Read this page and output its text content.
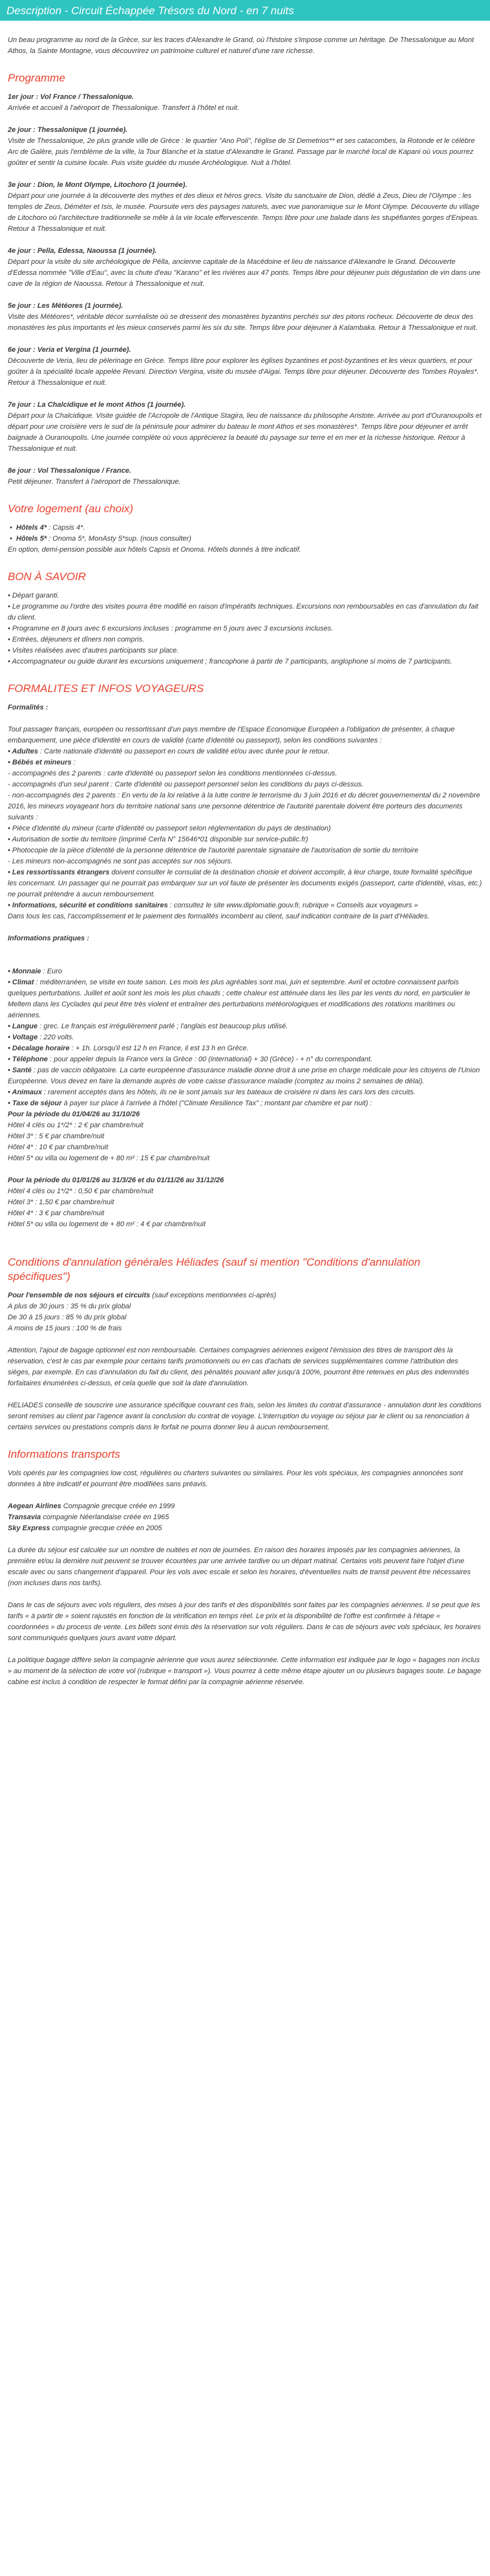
Description - Circuit Échappée Trésors du Nord - en 7 nuits

Un beau programme au nord de la Grèce, sur les traces d'Alexandre le Grand, où l'histoire s'impose comme un héritage. De Thessalonique au Mont Athos, la Sainte Montagne, vous découvrirez un patrimoine culturel et naturel d'une rare richesse.

Programme
1er jour : Vol France / Thessalonique.
Arrivée et accueil à l'aéroport de Thessalonique. Transfert à l'hôtel et nuit.
2e jour : Thessalonique (1 journée).
Visite de Thessalonique, 2e plus grande ville de Grèce : le quartier "Ano Poli", l'église de St Demetrios** et ses catacombes, la Rotonde et le célèbre Arc de Galère, puis l'emblème de la ville, la Tour Blanche et la statue d'Alexandre le Grand. Passage par le marché local de Kapani où vous pourrez goûter et sentir la cuisine locale. Puis visite guidée du musée Archéologique. Nuit à l'hôtel.
3e jour : Dion, le Mont Olympe, Litochoro (1 journée).
Départ pour une journée à la découverte des mythes et des dieux et héros grecs. Visite du sanctuaire de Dion, dédié à Zeus, Dieu de l'Olympe : les temples de Zeus, Déméter et Isis, le musée. Poursuite vers des paysages naturels, avec vue panoramique sur le Mont Olympe. Découverte du village de Litochoro où l'architecture traditionnelle se mêle à la vie locale effervescente. Temps libre pour une balade dans les stupéfiantes gorges d'Enipeas. Retour à Thessalonique et nuit.
4e jour : Pella, Edessa, Naoussa (1 journée).
Départ pour la visite du site archéologique de Pélla, ancienne capitale de la Macédoine et lieu de naissance d'Alexandre le Grand. Découverte d'Edessa nommée "Ville d'Eau", avec la chute d'eau "Karano" et les rivières aux 47 ponts. Temps libre pour déjeuner puis dégustation de vin dans une cave de la région de Naoussa. Retour à Thessalonique et nuit.
5e jour : Les Météores (1 journée).
Visite des Météores*, véritable décor surréaliste où se dressent des monastères byzantins perchés sur des pitons rocheux. Découverte de deux des monastères les plus importants et les mieux conservés parmi les six du site. Temps libre pour déjeuner à Kalambaka. Retour à Thessalonique et nuit.
6e jour : Veria et Vergina (1 journée).
Découverte de Veria, lieu de pèlerinage en Grèce. Temps libre pour explorer les églises byzantines et post-byzantines et les vieux quartiers, et pour goûter à la spécialité locale appelée Revani. Direction Vergina, visite du musée d'Aigai. Temps libre pour déjeuner. Découverte des Tombes Royales*. Retour à Thessalonique et nuit.
7e jour : La Chalcidique et le mont Athos (1 journée).
Départ pour la Chalcidique. Visite guidée de l'Acropole de l'Antique Stagira, lieu de naissance du philosophe Aristote. Arrivée au port d'Ouranoupolis et départ pour une croisière vers le sud de la péninsule pour admirer du bateau le mont Athos et ses monastères*. Temps libre pour déjeuner et arrêt baignade à Ouranoupolis. Une journée complète où vous apprécierez la beauté du paysage sur terre et en mer et la richesse historique. Retour à Thessalonique et nuit.
8e jour : Vol Thessalonique / France.
Petit déjeuner. Transfert à l'aéroport de Thessalonique.
Votre logement (au choix)
•  Hôtels 4* : Capsis 4*.
•  Hôtels 5* : Onoma 5*, MonAsty 5*sup. (nous consulter)

En option, demi-pension possible aux hôtels Capsis et Onoma. Hôtels donnés à titre indicatif.

BON À SAVOIR
• Départ garanti.
• Le programme ou l'ordre des visites pourra être modifié en raison d'impératifs techniques. Excursions non remboursables en cas d'annulation du fait du client.
• Programme en 8 jours avec 6 excursions incluses : programme en 5 jours avec 3 excursions incluses.
• Entrées, déjeuners et dîners non compris.
• Visites réalisées avec d'autres participants sur place.
• Accompagnateur ou guide durant les excursions uniquement ; francophone à partir de 7 participants, anglophone si moins de 7 participants.
FORMALITES ET INFOS VOYAGEURS

Formalités :

Tout passager français, européen ou ressortissant d'un pays membre de l'Espace Economique Européen a l'obligation de présenter, à chaque embarquement, une pièce d'identité en cours de validité (carte d'identité ou passeport), selon les conditions suivantes :
• Adultes : Carte nationale d'identité ou passeport en cours de validité et/ou avec durée pour le retour.
• Bébés et mineurs :
- accompagnés des 2 parents : carte d'identité ou passeport selon les conditions mentionnées ci-dessus.
- accompagnés d'un seul parent : Carte d'identité ou passeport personnel selon les conditions du pays ci-dessus.
- non-accompagnés des 2 parents : En vertu de la loi relative à la lutte contre le terrorisme du 3 juin 2016 et du décret gouvernemental du 2 novembre 2016, les mineurs voyageant hors du territoire national sans une personne détentrice de l'autorité parentale doivent être porteurs des documents suivants :
• Pièce d'identité du mineur (carte d'identité ou passeport selon réglementation du pays de destination)
• Autorisation de sortie du territoire (imprimé Cerfa N° 15646*01 disponible sur service-public.fr)
• Photocopie de la pièce d'identité de la personne détentrice de l'autorité parentale signataire de l'autorisation de sortie du territoire
- Les mineurs non-accompagnés ne sont pas acceptés sur nos séjours.
• Les ressortissants étrangers doivent consulter le consulat de la destination choisie et doivent accomplir, à leur charge, toute formalité spécifique les concernant. Un passager qui ne pourrait pas embarquer sur un vol faute de présenter les documents exigés (passeport, carte d'identité, visas, etc.) ne pourrait prétendre à aucun remboursement.
• Informations, sécurité et conditions sanitaires : consultez le site www.diplomatie.gouv.fr, rubrique « Conseils aux voyageurs »
Dans tous les cas, l'accomplissement et le paiement des formalités incombent au client, sauf indication contraire de la part d'Héliades.

Informations pratiques :

• Monnaie : Euro
• Climat : méditerranéen, se visite en toute saison. Les mois les plus agréables sont mai, juin et septembre. Avril et octobre connaissent parfois quelques perturbations. Juillet et août sont les mois les plus chauds ; cette chaleur est atténuée dans les îles par les vents du nord, en particulier le Meltem dans les Cyclades qui peut être très violent et entraîner des perturbations météorologiques et modifications des rotations maritimes ou aériennes.
• Langue : grec. Le français est irrégulièrement parlé ; l'anglais est beaucoup plus utilisé.
• Voltage : 220 volts.
• Décalage horaire : + 1h. Lorsqu'il est 12 h en France, il est 13 h en Grèce.
• Téléphone : pour appeler depuis la France vers la Grèce : 00 (international) + 30 (Grèce) - + n° du correspondant.
• Santé : pas de vaccin obligatoire. La carte européenne d'assurance maladie donne droit à une prise en charge médicale pour les citoyens de l'Union Européenne. Vous devez en faire la demande auprès de votre caisse d'assurance maladie (comptez au moins 2 semaines de délai).
• Animaux : rarement acceptés dans les hôtels, ils ne le sont jamais sur les bateaux de croisière ni dans les cars lors des circuits.
• Taxe de séjour à payer sur place à l'arrivée à l'hôtel ("Climate Resilience Tax" ; montant par chambre et par nuit) :
Pour la période du 01/04/26 au 31/10/26
Hôtel 4 clés ou 1*/2* : 2 € par chambre/nuit
Hôtel 3* : 5 € par chambre/nuit
Hôtel 4* : 10 € par chambre/nuit
Hôtel 5* ou villa ou logement de + 80 m² : 15 € par chambre/nuit
Pour la période du 01/01/26 au 31/3/26 et du 01/11/26 au 31/12/26
Hôtel 4 clés ou 1*/2* : 0,50 € par chambre/nuit
Hôtel 3* : 1,50 € par chambre/nuit
Hôtel 4* : 3 € par chambre/nuit
Hôtel 5* ou villa ou logement de + 80 m² : 4 € par chambre/nuit
Conditions d'annulation générales Héliades (sauf si mention "Conditions d'annulation spécifiques")
Pour l'ensemble de nos séjours et circuits (sauf exceptions mentionnées ci-après)
A plus de 30 jours : 35 % du prix global
De 30 à 15 jours : 85 % du prix global
A moins de 15 jours : 100 % de frais

Attention, l'ajout de bagage optionnel est non remboursable. Certaines compagnies aériennes exigent l'émission des titres de transport dès la réservation, c'est le cas par exemple pour certains tarifs promotionnels ou en cas d'achats de services supplémentaires comme l'attribution des sièges, par exemple. En cas d'annulation du fait du client, des pénalités pouvant aller jusqu'à 100%, pourront être retenues en plus des indemnités forfaitaires énumérées ci-dessus, et cela quelle que soit la date d'annulation.

HELIADES conseille de souscrire une assurance spécifique couvrant ces frais, selon les limites du contrat d'assurance - annulation dont les conditions seront remises au client par l'agence avant la conclusion du contrat de voyage. L'interruption du voyage ou séjour par le client ou sa renonciation à certains services ou prestations compris dans le forfait ne pourra donner lieu à aucun remboursement.

Informations transports

Vols opérés par les compagnies low cost, régulières ou charters suivantes ou similaires. Pour les vols spéciaux, les compagnies annoncées sont données à titre indicatif et pourront être modifiées sans préavis.

Aegean Airlines Compagnie grecque créée en 1999
Transavia compagnie Néerlandaise créée en 1965
Sky Express compagnie grecque créée en 2005

La durée du séjour est calculée sur un nombre de nuitées et non de journées. En raison des horaires imposés par les compagnies aériennes, la première et/ou la dernière nuit peuvent se trouver écourtées par une arrivée tardive ou un départ matinal. Certains vols peuvent faire l'objet d'une escale avec ou sans changement d'appareil. Pour les vols avec escale et selon les horaires, d'éventuelles nuits de transit peuvent être nécessaires (non incluses dans nos tarifs).

Dans le cas de séjours avec vols réguliers, des mises à jour des tarifs et des disponibilités sont faites par les compagnies aériennes. Il se peut que les tarifs « à partir de » soient rajustés en fonction de la vérification en temps réel. Le prix et la disponibilité de l'offre est confirmée à l'étape « coordonnées » du process de vente. Les billets sont émis dès la réservation sur vols réguliers. Dans le cas de séjours avec vols spéciaux, les horaires sont communiqués quelques jours avant votre départ.

La politique bagage diffère selon la compagnie aérienne que vous aurez sélectionnée. Cette information est indiquée par le logo « bagages non inclus » au moment de la sélection de votre vol (rubrique « transport »). Vous pourrez à cette même étape ajouter un ou plusieurs bagages soute. Le bagage cabine est inclus à condition de respecter le format défini par la compagnie aérienne réservée.
